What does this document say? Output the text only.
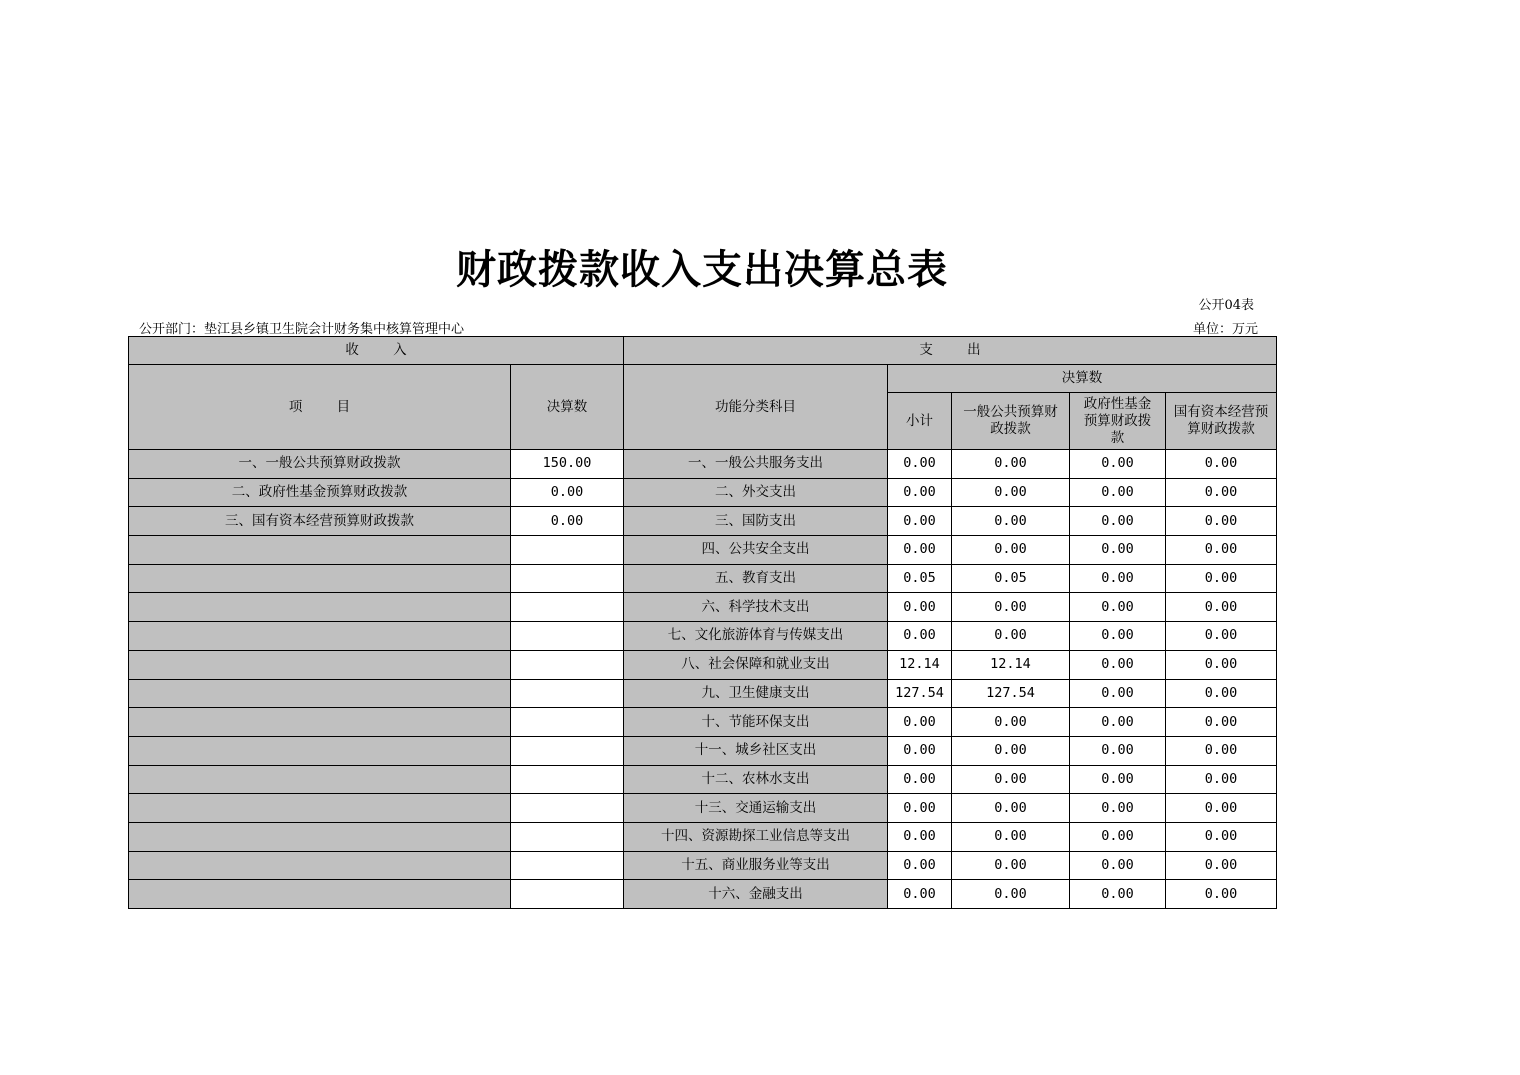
财政拨款收入支出决算总表
公开04表
公开部门：垫江县乡镇卫生院会计财务集中核算管理中心	单位：万元
收        入		支        出				
项        目	决算数	功能分类科目	决算数			
			小计	一般公共预算财政拨款	政府性基金预算财政拨款	国有资本经营预算财政拨款
一、一般公共预算财政拨款	150.00	一、一般公共服务支出	0.00	0.00	0.00	0.00
二、政府性基金预算财政拨款	0.00	二、外交支出	0.00	0.00	0.00	0.00
三、国有资本经营预算财政拨款	0.00	三、国防支出	0.00	0.00	0.00	0.00
		四、公共安全支出	0.00	0.00	0.00	0.00
		五、教育支出	0.05	0.05	0.00	0.00
		六、科学技术支出	0.00	0.00	0.00	0.00
		七、文化旅游体育与传媒支出	0.00	0.00	0.00	0.00
		八、社会保障和就业支出	12.14	12.14	0.00	0.00
		九、卫生健康支出	127.54	127.54	0.00	0.00
		十、节能环保支出	0.00	0.00	0.00	0.00
		十一、城乡社区支出	0.00	0.00	0.00	0.00
		十二、农林水支出	0.00	0.00	0.00	0.00
		十三、交通运输支出	0.00	0.00	0.00	0.00
		十四、资源勘探工业信息等支出	0.00	0.00	0.00	0.00
		十五、商业服务业等支出	0.00	0.00	0.00	0.00
		十六、金融支出	0.00	0.00	0.00	0.00
